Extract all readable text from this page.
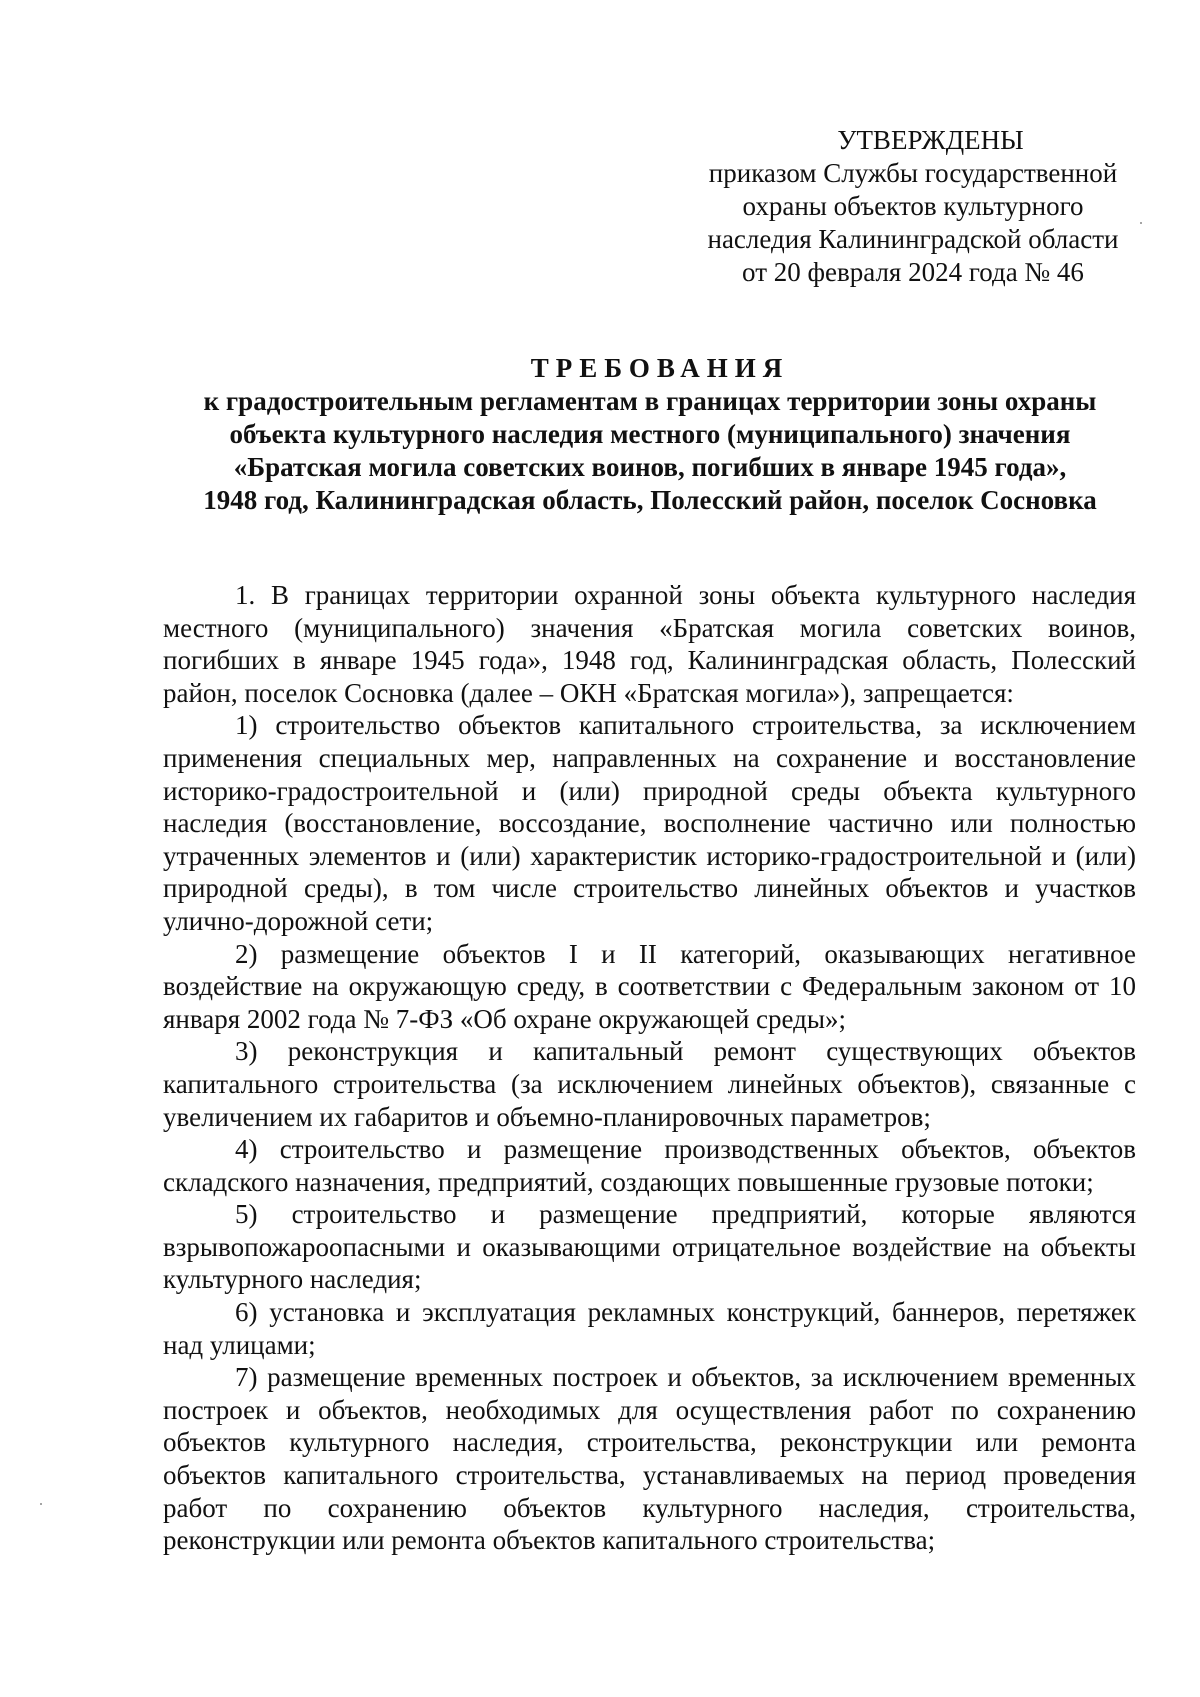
УТВЕРЖДЕНЫ
приказом Службы государственной
охраны объектов культурного
наследия Калининградской области
от 20 февраля 2024 года № 46
ТРЕБОВАНИЯ
к градостроительным регламентам в границах территории зоны охраны
объекта культурного наследия местного (муниципального) значения
«Братская могила советских воинов, погибших в январе 1945 года»,
1948 год, Калининградская область, Полесский район, поселок Сосновка

1. В границах территории охранной зоны объекта культурного наследия местного (муниципального) значения «Братская могила советских воинов, погибших в январе 1945 года», 1948 год, Калининградская область, Полесский район, поселок Сосновка (далее – ОКН «Братская могила»), запрещается:

1) строительство объектов капитального строительства, за исключением применения специальных мер, направленных на сохранение и восстановление историко-градостроительной и (или) природной среды объекта культурного наследия (восстановление, воссоздание, восполнение частично или полностью утраченных элементов и (или) характеристик историко-градостроительной и (или) природной среды), в том числе строительство линейных объектов и участков улично-дорожной сети;

2) размещение объектов I и II категорий, оказывающих негативное воздействие на окружающую среду, в соответствии с Федеральным законом от 10 января 2002 года № 7-ФЗ «Об охране окружающей среды»;

3) реконструкция и капитальный ремонт существующих объектов капитального строительства (за исключением линейных объектов), связанные с увеличением их габаритов и объемно-планировочных параметров;

4) строительство и размещение производственных объектов, объектов складского назначения, предприятий, создающих повышенные грузовые потоки;

5) строительство и размещение предприятий, которые являются взрывопожароопасными и оказывающими отрицательное воздействие на объекты культурного наследия;

6) установка и эксплуатация рекламных конструкций, баннеров, перетяжек над улицами;

7) размещение временных построек и объектов, за исключением временных построек и объектов, необходимых для осуществления работ по сохранению объектов культурного наследия, строительства, реконструкции или ремонта объектов капитального строительства, устанавливаемых на период проведения работ по сохранению объектов культурного наследия, строительства, реконструкции или ремонта объектов капитального строительства;
